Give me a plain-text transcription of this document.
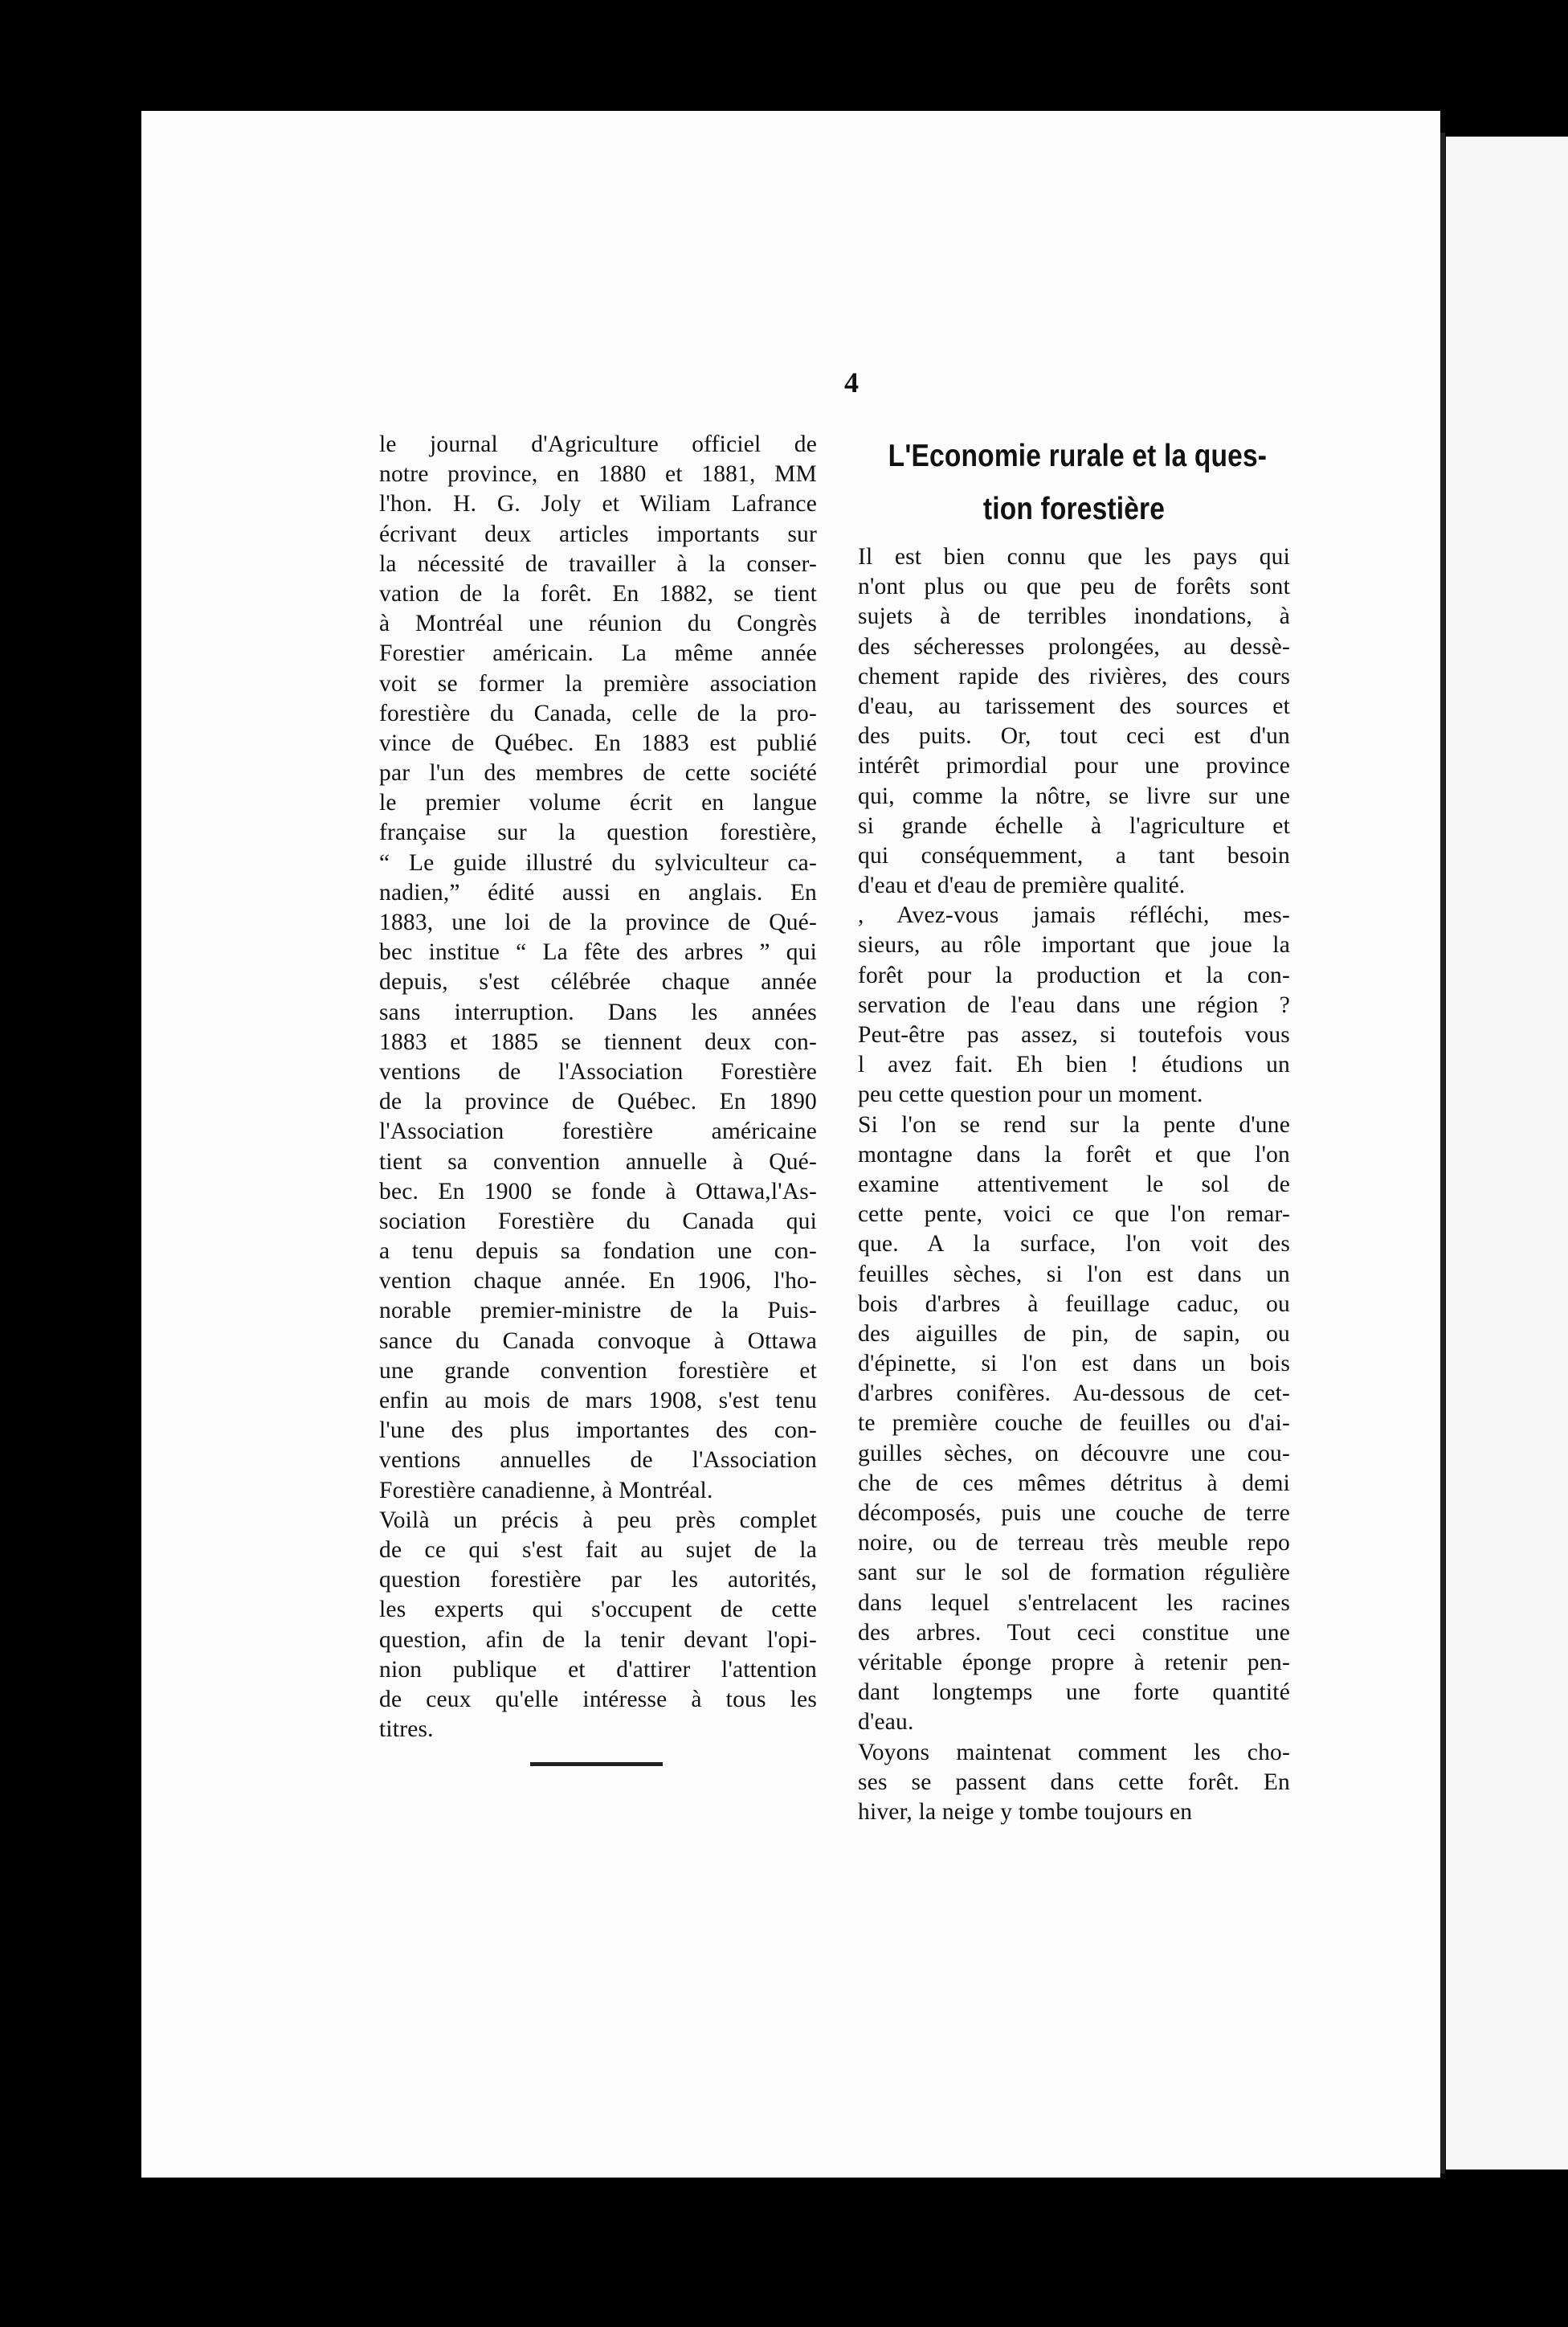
4
le journal d'Agriculture officiel de
notre province, en 1880 et 1881, MM
l'hon. H. G. Joly et Wiliam Lafrance
écrivant deux articles importants sur
la nécessité de travailler à la conser-
vation de la forêt. En 1882, se tient
à Montréal une réunion du Congrès
Forestier américain. La même année
voit se former la première association
forestière du Canada, celle de la pro-
vince de Québec. En 1883 est publié
par l'un des membres de cette société
le premier volume écrit en langue
française sur la question forestière,
“ Le guide illustré du sylviculteur ca-
nadien,” édité aussi en anglais. En
1883, une loi de la province de Qué-
bec institue “ La fête des arbres ” qui
depuis, s'est célébrée chaque année
sans interruption. Dans les années
1883 et 1885 se tiennent deux con-
ventions de l'Association Forestière
de la province de Québec. En 1890
l'Association forestière américaine
tient sa convention annuelle à Qué-
bec. En 1900 se fonde à Ottawa,l'As-
sociation Forestière du Canada qui
a tenu depuis sa fondation une con-
vention chaque année. En 1906, l'ho-
norable premier-ministre de la Puis-
sance du Canada convoque à Ottawa
une grande convention forestière et
enfin au mois de mars 1908, s'est tenu
l'une des plus importantes des con-
ventions annuelles de l'Association
Forestière canadienne, à Montréal.
Voilà un précis à peu près complet
de ce qui s'est fait au sujet de la
question forestière par les autorités,
les experts qui s'occupent de cette
question, afin de la tenir devant l'opi-
nion publique et d'attirer l'attention
de ceux qu'elle intéresse à tous les
titres.
L'Economie rurale et la ques-
tion forestière
Il est bien connu que les pays qui
n'ont plus ou que peu de forêts sont
sujets à de terribles inondations, à
des sécheresses prolongées, au dessè-
chement rapide des rivières, des cours
d'eau, au tarissement des sources et
des puits. Or, tout ceci est d'un
intérêt primordial pour une province
qui, comme la nôtre, se livre sur une
si grande échelle à l'agriculture et
qui conséquemment, a tant besoin
d'eau et d'eau de première qualité.
, Avez-vous jamais réfléchi, mes-
sieurs, au rôle important que joue la
forêt pour la production et la con-
servation de l'eau dans une région ?
Peut-être pas assez, si toutefois vous
l avez fait. Eh bien ! étudions un
peu cette question pour un moment.
Si l'on se rend sur la pente d'une
montagne dans la forêt et que l'on
examine attentivement le sol de
cette pente, voici ce que l'on remar-
que. A la surface, l'on voit des
feuilles sèches, si l'on est dans un
bois d'arbres à feuillage caduc, ou
des aiguilles de pin, de sapin, ou
d'épinette, si l'on est dans un bois
d'arbres conifères. Au-dessous de cet-
te première couche de feuilles ou d'ai-
guilles sèches, on découvre une cou-
che de ces mêmes détritus à demi
décomposés, puis une couche de terre
noire, ou de terreau très meuble repo
sant sur le sol de formation régulière
dans lequel s'entrelacent les racines
des arbres. Tout ceci constitue une
véritable éponge propre à retenir pen-
dant longtemps une forte quantité
d'eau.
Voyons maintenat comment les cho-
ses se passent dans cette forêt. En
hiver, la neige y tombe toujours en
